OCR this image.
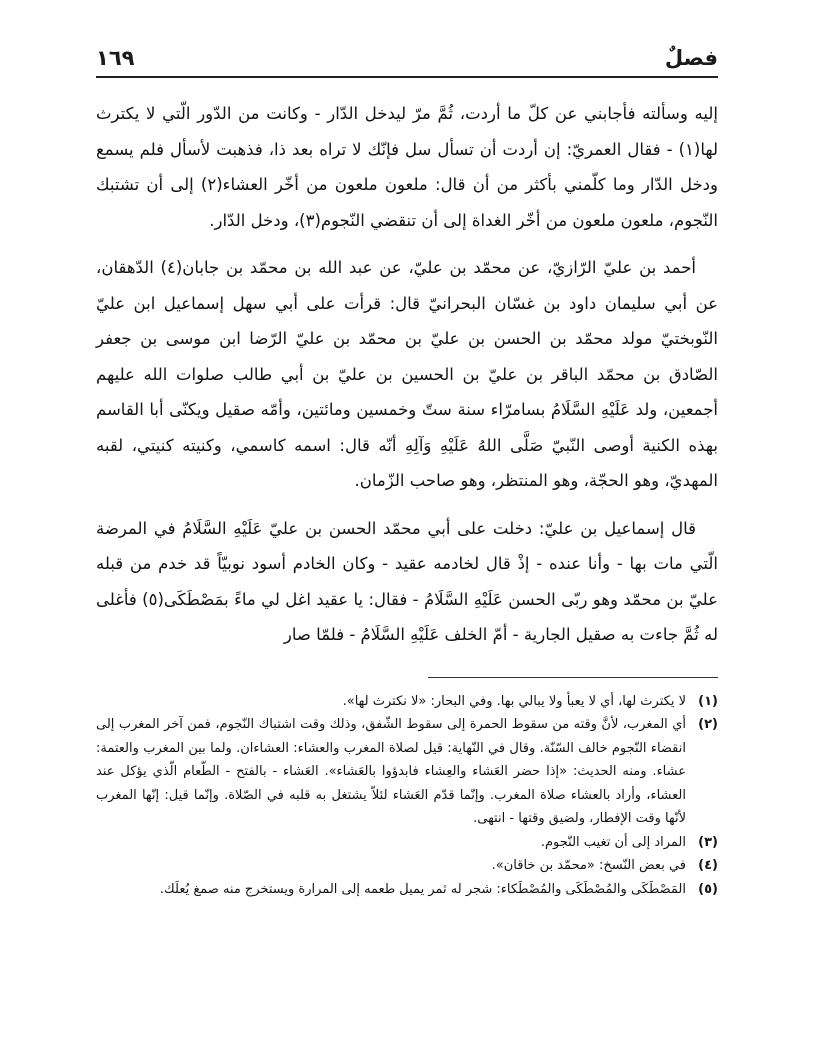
فصلٌ
١٦٩

إليه وسألته فأجابني عن كلّ ما أردت، ثُمَّ مرّ ليدخل الدّار - وكانت من الدّور الّتي لا يكترث لها(١) - فقال العمريّ: إن أردت أن تسأل سل فإنّك لا تراه بعد ذا، فذهبت لأسأل فلم يسمع ودخل الدّار وما كلّمني بأكثر من أن قال: ملعون ملعون من أخّر العشاء(٢) إلى أن تشتبك النّجوم، ملعون ملعون من أخّر الغداة إلى أن تنقضي النّجوم(٣)، ودخل الدّار.

أحمد بن عليّ الرّازيّ، عن محمّد بن عليّ، عن عبد الله بن محمّد بن جابان(٤) الدّهقان، عن أبي سليمان داود بن غسّان البحرانيّ قال: قرأت على أبي سهل إسماعيل ابن عليّ النّوبختيّ مولد محمّد بن الحسن بن عليّ بن محمّد بن عليّ الرّضا ابن موسى بن جعفر الصّادق بن محمّد الباقر بن عليّ بن الحسين بن عليّ بن أبي طالب صلوات الله عليهم أجمعين، ولد عَلَيْهِ السَّلَامُ بسامرّاء سنة ستّ وخمسين ومائتين، وأمّه صقيل ويكنّى أبا القاسم بهذه الكنية أوصى النّبيّ صَلَّى اللهُ عَلَيْهِ وَآلِهِ أنّه قال: اسمه كاسمي، وكنيته كنيتي، لقبه المهديّ، وهو الحجّة، وهو المنتظر، وهو صاحب الزّمان.

قال إسماعيل بن عليّ: دخلت على أبي محمّد الحسن بن عليّ عَلَيْهِ السَّلَامُ في المرضة الّتي مات بها - وأنا عنده - إذْ قال لخادمه عقيد - وكان الخادم أسود نوبيّاً قد خدم من قبله عليّ بن محمّد وهو ربّى الحسن عَلَيْهِ السَّلَامُ - فقال: يا عقيد اغل لي ماءً بمَصْطَكَى(٥) فأغلى له ثُمَّ جاءت به صقيل الجارية - أمّ الخلف عَلَيْهِ السَّلَامُ - فلمّا صار

(١)
لا يكترث لها، أي لا يعبأ ولا يبالي بها. وفي البحار: «لا نكترث لها».
(٢)
أي المغرب، لأنَّ وقته من سقوط الحمرة إلى سقوط الشّفق، وذلك وقت اشتباك النّجوم، فمن آخر المغرب إلى انقضاء النّجوم خالف السّنّة. وقال في النّهاية: قيل لصلاة المغرب والعشاء: العشاءان. ولما بين المغرب والعتمة: عشاء. ومنه الحديث: «إذا حضر العَشاء والعِشاء فابدؤوا بالعَشاء». العَشاء - بالفتح - الطّعام الّذي يؤكل عند العشاء، وأراد بالعشاء صلاة المغرب. وإنّما قدّم العَشاء لئلاّ يشتغل به قلبه في الصّلاة. وإنّما قيل: إنّها المغرب لأنّها وقت الإفطار، ولضيق وقتها - انتهى.
(٣)
المراد إلى أن تغيب النّجوم.
(٤)
في بعض النّسخ: «محمّد بن خاقان».
(٥)
المَصْطَكَى والمُصْطَكَى والمُصْطَكاء: شجر له ثمر يميل طعمه إلى المرارة ويستخرج منه صمغ يُعلَك.
